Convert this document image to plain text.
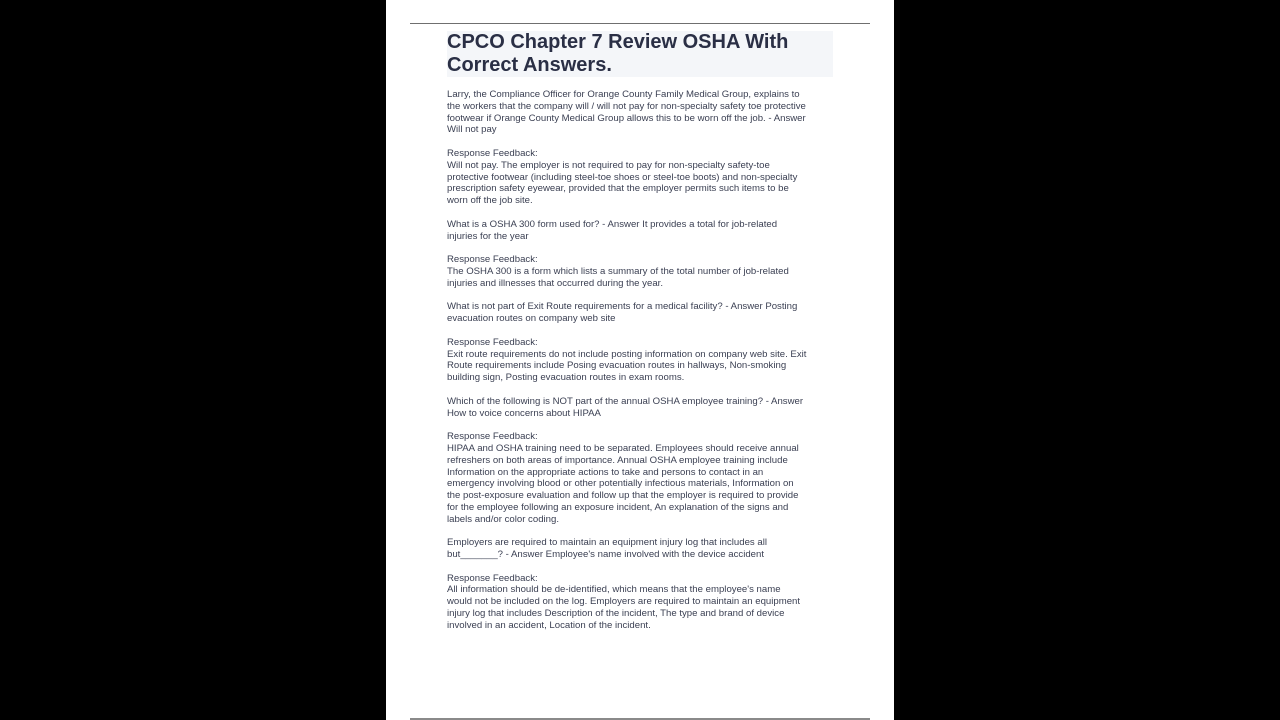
CPCO Chapter 7 Review OSHA With
Correct Answers.

Larry, the Compliance Officer for Orange County Family Medical Group, explains to
the workers that the company will / will not pay for non-specialty safety toe protective
footwear if Orange County Medical Group allows this to be worn off the job. - Answer
Will not pay

Response Feedback:
Will not pay. The employer is not required to pay for non-specialty safety-toe
protective footwear (including steel-toe shoes or steel-toe boots) and non-specialty
prescription safety eyewear, provided that the employer permits such items to be
worn off the job site.

What is a OSHA 300 form used for? - Answer It provides a total for job-related
injuries for the year

Response Feedback:
The OSHA 300 is a form which lists a summary of the total number of job-related
injuries and illnesses that occurred during the year.

What is not part of Exit Route requirements for a medical facility? - Answer Posting
evacuation routes on company web site

Response Feedback:
Exit route requirements do not include posting information on company web site. Exit
Route requirements include Posing evacuation routes in hallways, Non-smoking
building sign, Posting evacuation routes in exam rooms.

Which of the following is NOT part of the annual OSHA employee training? - Answer
How to voice concerns about HIPAA

Response Feedback:
HIPAA and OSHA training need to be separated. Employees should receive annual
refreshers on both areas of importance. Annual OSHA employee training include
Information on the appropriate actions to take and persons to contact in an
emergency involving blood or other potentially infectious materials, Information on
the post-exposure evaluation and follow up that the employer is required to provide
for the employee following an exposure incident, An explanation of the signs and
labels and/or color coding.

Employers are required to maintain an equipment injury log that includes all
but_______? - Answer Employee's name involved with the device accident

Response Feedback:
All information should be de-identified, which means that the employee's name
would not be included on the log. Employers are required to maintain an equipment
injury log that includes Description of the incident, The type and brand of device
involved in an accident, Location of the incident.
